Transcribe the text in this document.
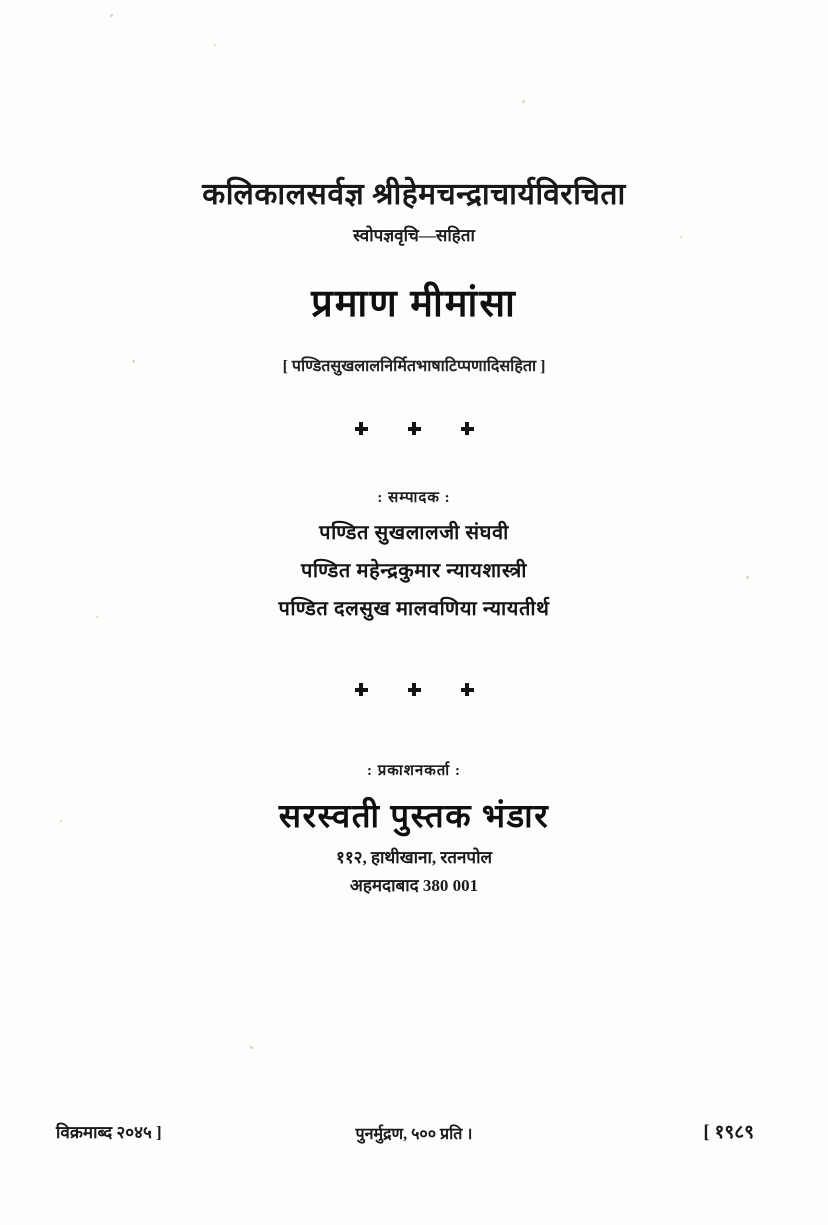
कलिकालसर्वज्ञ श्रीहेमचन्द्राचार्यविरचिता
स्वोपज्ञवृचि—सहिता
प्रमाण मीमांसा
[ पण्डितसुखलालनिर्मितभाषाटिप्पणादिसहिता ]
: सम्पादक :
पण्डित सुखलालजी संघवी
पण्डित महेन्द्रकुमार न्यायशास्त्री
पण्डित दलसुख मालवणिया न्यायतीर्थ
: प्रकाशनकर्ता :
सरस्वती पुस्तक भंडार
११२, हाथीखाना, रतनपोल
अहमदाबाद 380 001
विक्रमाब्द २०४५ ]	पुनर्मुद्रण, ५०० प्रति ।	[ १९८९
